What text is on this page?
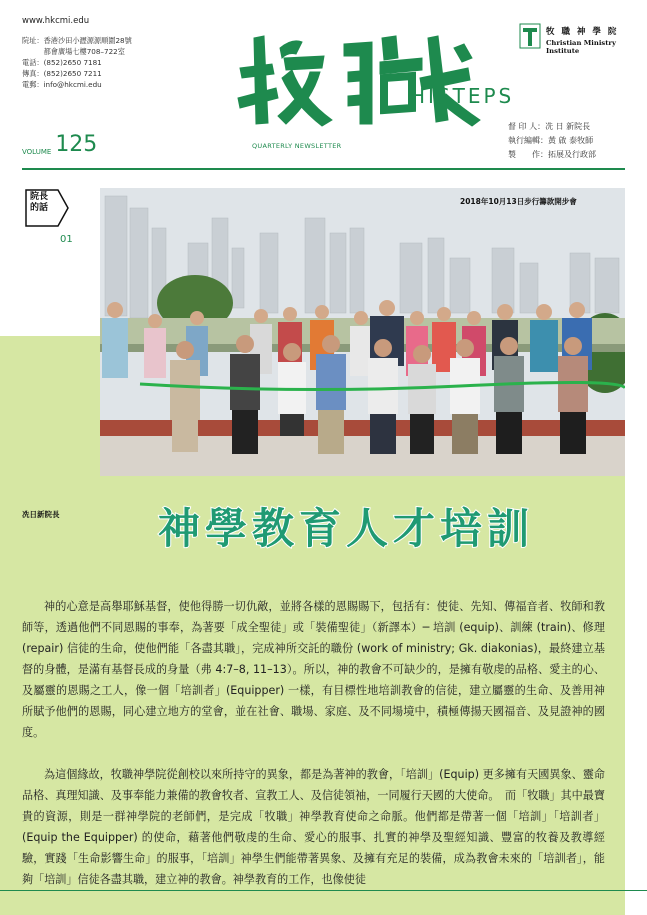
www.hkcmi.edu
院址：香港沙田小瀝源源順圍28號
　　　都會廣場七樓708–722室
電話：(852)2650 7181
傳真：(852)2650 7211
電郵：info@hkcmi.edu	HISTEPS
QUARTERLY NEWSLETTER
牧 職 神 學 院
Christian Ministry Institute
VOLUME 125
督 印 人：冼 日 新院長
執行編輯：黃 啟 泰牧師
製　　作：拓展及行政部
院長
的話
01
2018年10月13日步行籌款開步會
冼日新院長 神學教育人才培訓

神的心意是高舉耶穌基督，使他得勝一切仇敵，並將各樣的恩賜賜下，包括有：使徒、先知、傳福音者、牧師和教師等，透過他們不同恩賜的事奉，為著要「成全聖徒」或「裝備聖徒」（新譯本）─ 培訓 (equip)、訓練 (train)、修理 (repair) 信徒的生命，使他們能「各盡其職」，完成神所交託的職份 (work of ministry; Gk. diakonias)，最終建立基督的身體，是滿有基督長成的身量（弗 4:7–8, 11–13）。所以，神的教會不可缺少的，是擁有敬虔的品格、愛主的心、及屬靈的恩賜之工人，像一個「培訓者」(Equipper) 一樣，有目標性地培訓教會的信徒，建立屬靈的生命、及善用神所賦予他們的恩賜，同心建立地方的堂會，並在社會、職場、家庭、及不同場境中，積極傳揚天國福音、及見證神的國度。

為這個緣故，牧職神學院從創校以來所持守的異象，都是為著神的教會，「培訓」(Equip) 更多擁有天國異象、靈命品格、真理知識、及事奉能力兼備的教會牧者、宣教工人、及信徒領袖，一同履行天國的大使命。　而「牧職」其中最寶貴的資源，則是一群神學院的老師們，是完成「牧職」神學教育使命之命脈。他們都是帶著一個「培訓」「培訓者」(Equip the Equipper) 的使命，藉著他們敬虔的生命、愛心的服事、扎實的神學及聖經知識、豐富的牧養及教導經驗，實踐「生命影響生命」的服事，「培訓」神學生們能帶著異象、及擁有充足的裝備，成為教會未來的「培訓者」，能夠「培訓」信徒各盡其職，建立神的教會。神學教育的工作，也像使徒
